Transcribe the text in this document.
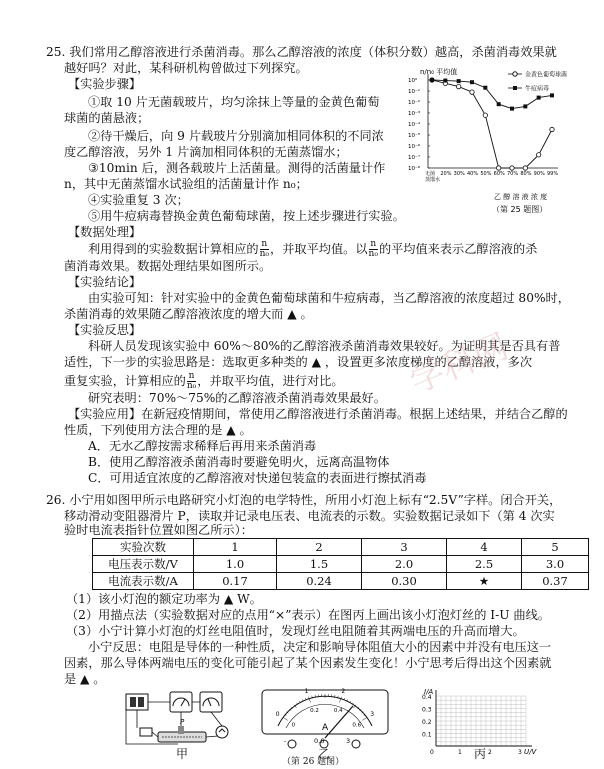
25. 我们常用乙醇溶液进行杀菌消毒。那么乙醇溶液的浓度（体积分数）越高，杀菌消毒效果就
越好吗？对此，某科研机构曾做过下列探究。
【实验步骤】
①取 10 片无菌载玻片，均匀涂抹上等量的金黄色葡萄
球菌的菌悬液；
②待干燥后，向 9 片载玻片分别滴加相同体积的不同浓
度乙醇溶液，另外 1 片滴加相同体积的无菌蒸馏水；
③10min 后，测各载玻片上活菌量。测得的活菌量计作
n，其中无菌蒸馏水试验组的活菌量计作 n₀；
④实验重复 3 次；
⑤用牛痘病毒替换金黄色葡萄球菌，按上述步骤进行实验。
【数据处理】
利用得到的实验数据计算相应的 $\frac{n}{\text{n₀}}$ ，并取平均值。以 $\frac{n}{\text{n₀}}$ 的平均值来表示乙醇溶液的杀
菌消毒效果。数据处理结果如图所示。
【实验结论】
由实验可知：针对实验中的金黄色葡萄球菌和牛痘病毒，当乙醇溶液的浓度超过 80%时，
杀菌消毒的效果随乙醇溶液浓度的增大而 ▲ 。
【实验反思】
科研人员发现该实验中 60%～80%的乙醇溶液杀菌消毒效果较好。为证明其是否具有普
适性，下一步的实验思路是：选取更多种类的 ▲ ，设置更多浓度梯度的乙醇溶液，多次
重复实验，计算相应的 $\frac{n}{\text{n₀}}$ ，并取平均值，进行对比。
研究表明：70%～75%的乙醇溶液杀菌消毒效果最好。
【实验应用】在新冠疫情期间，常使用乙醇溶液进行杀菌消毒。根据上述结果，并结合乙醇的
性质，下列使用方法合理的是 ▲ 。
A．无水乙醇按需求稀释后再用来杀菌消毒
B．使用乙醇溶液杀菌消毒时要避免明火，远离高温物体
C．可用适宜浓度的乙醇溶液对快递包装盒的表面进行擦拭消毒
n/n₀ 平均值
10⁰
10⁻¹
10⁻²
10⁻³
10⁻⁴
10⁻⁵
10⁻⁶
10⁻⁷
10⁻⁸
无菌
蒸馏水
20% 30% 40% 50% 60% 70% 80% 90% 99%
金黄色葡萄球菌
牛痘病毒
乙 醇 溶 液 浓 度
（第 25 题图）
26. 小宁用如图甲所示电路研究小灯泡的电学特性，所用小灯泡上标有“2.5V”字样。闭合开关，
移动滑动变阻器滑片 P，读取并记录电压表、电流表的示数。实验数据记录如下（第 4 次实
验时电流表指针位置如图乙所示）：
实验次数	1	2	3	4	5
电压表示数/V	1.0	1.5	2.0	2.5	3.0
电流表示数/A	0.17	0.24	0.30	★	0.37
（1）该小灯泡的额定功率为 ▲ W。
（2）用描点法（实验数据对应的点用“×”表示）在图丙上画出该小灯泡灯丝的 I-U 曲线。
（3）小宁计算小灯泡的灯丝电阻值时，发现灯丝电阻随着其两端电压的升高而增大。
小宁反思：电阻是导体的一种性质，决定和影响导体阻值大小的因素中并没有电压这一
因素，那么导体两端电压的变化可能引起了某个因素发生变化！小宁思考后得出这个因素就
是 ▲ 。
P
0
1	2
3
0
0.2	0.4
0.6
A
-	0.6	3
0.4
0.3
0.2
0.1
0	1	2	3
I/A
U/V
甲	乙	丙
（第 26 题图）
学科网
